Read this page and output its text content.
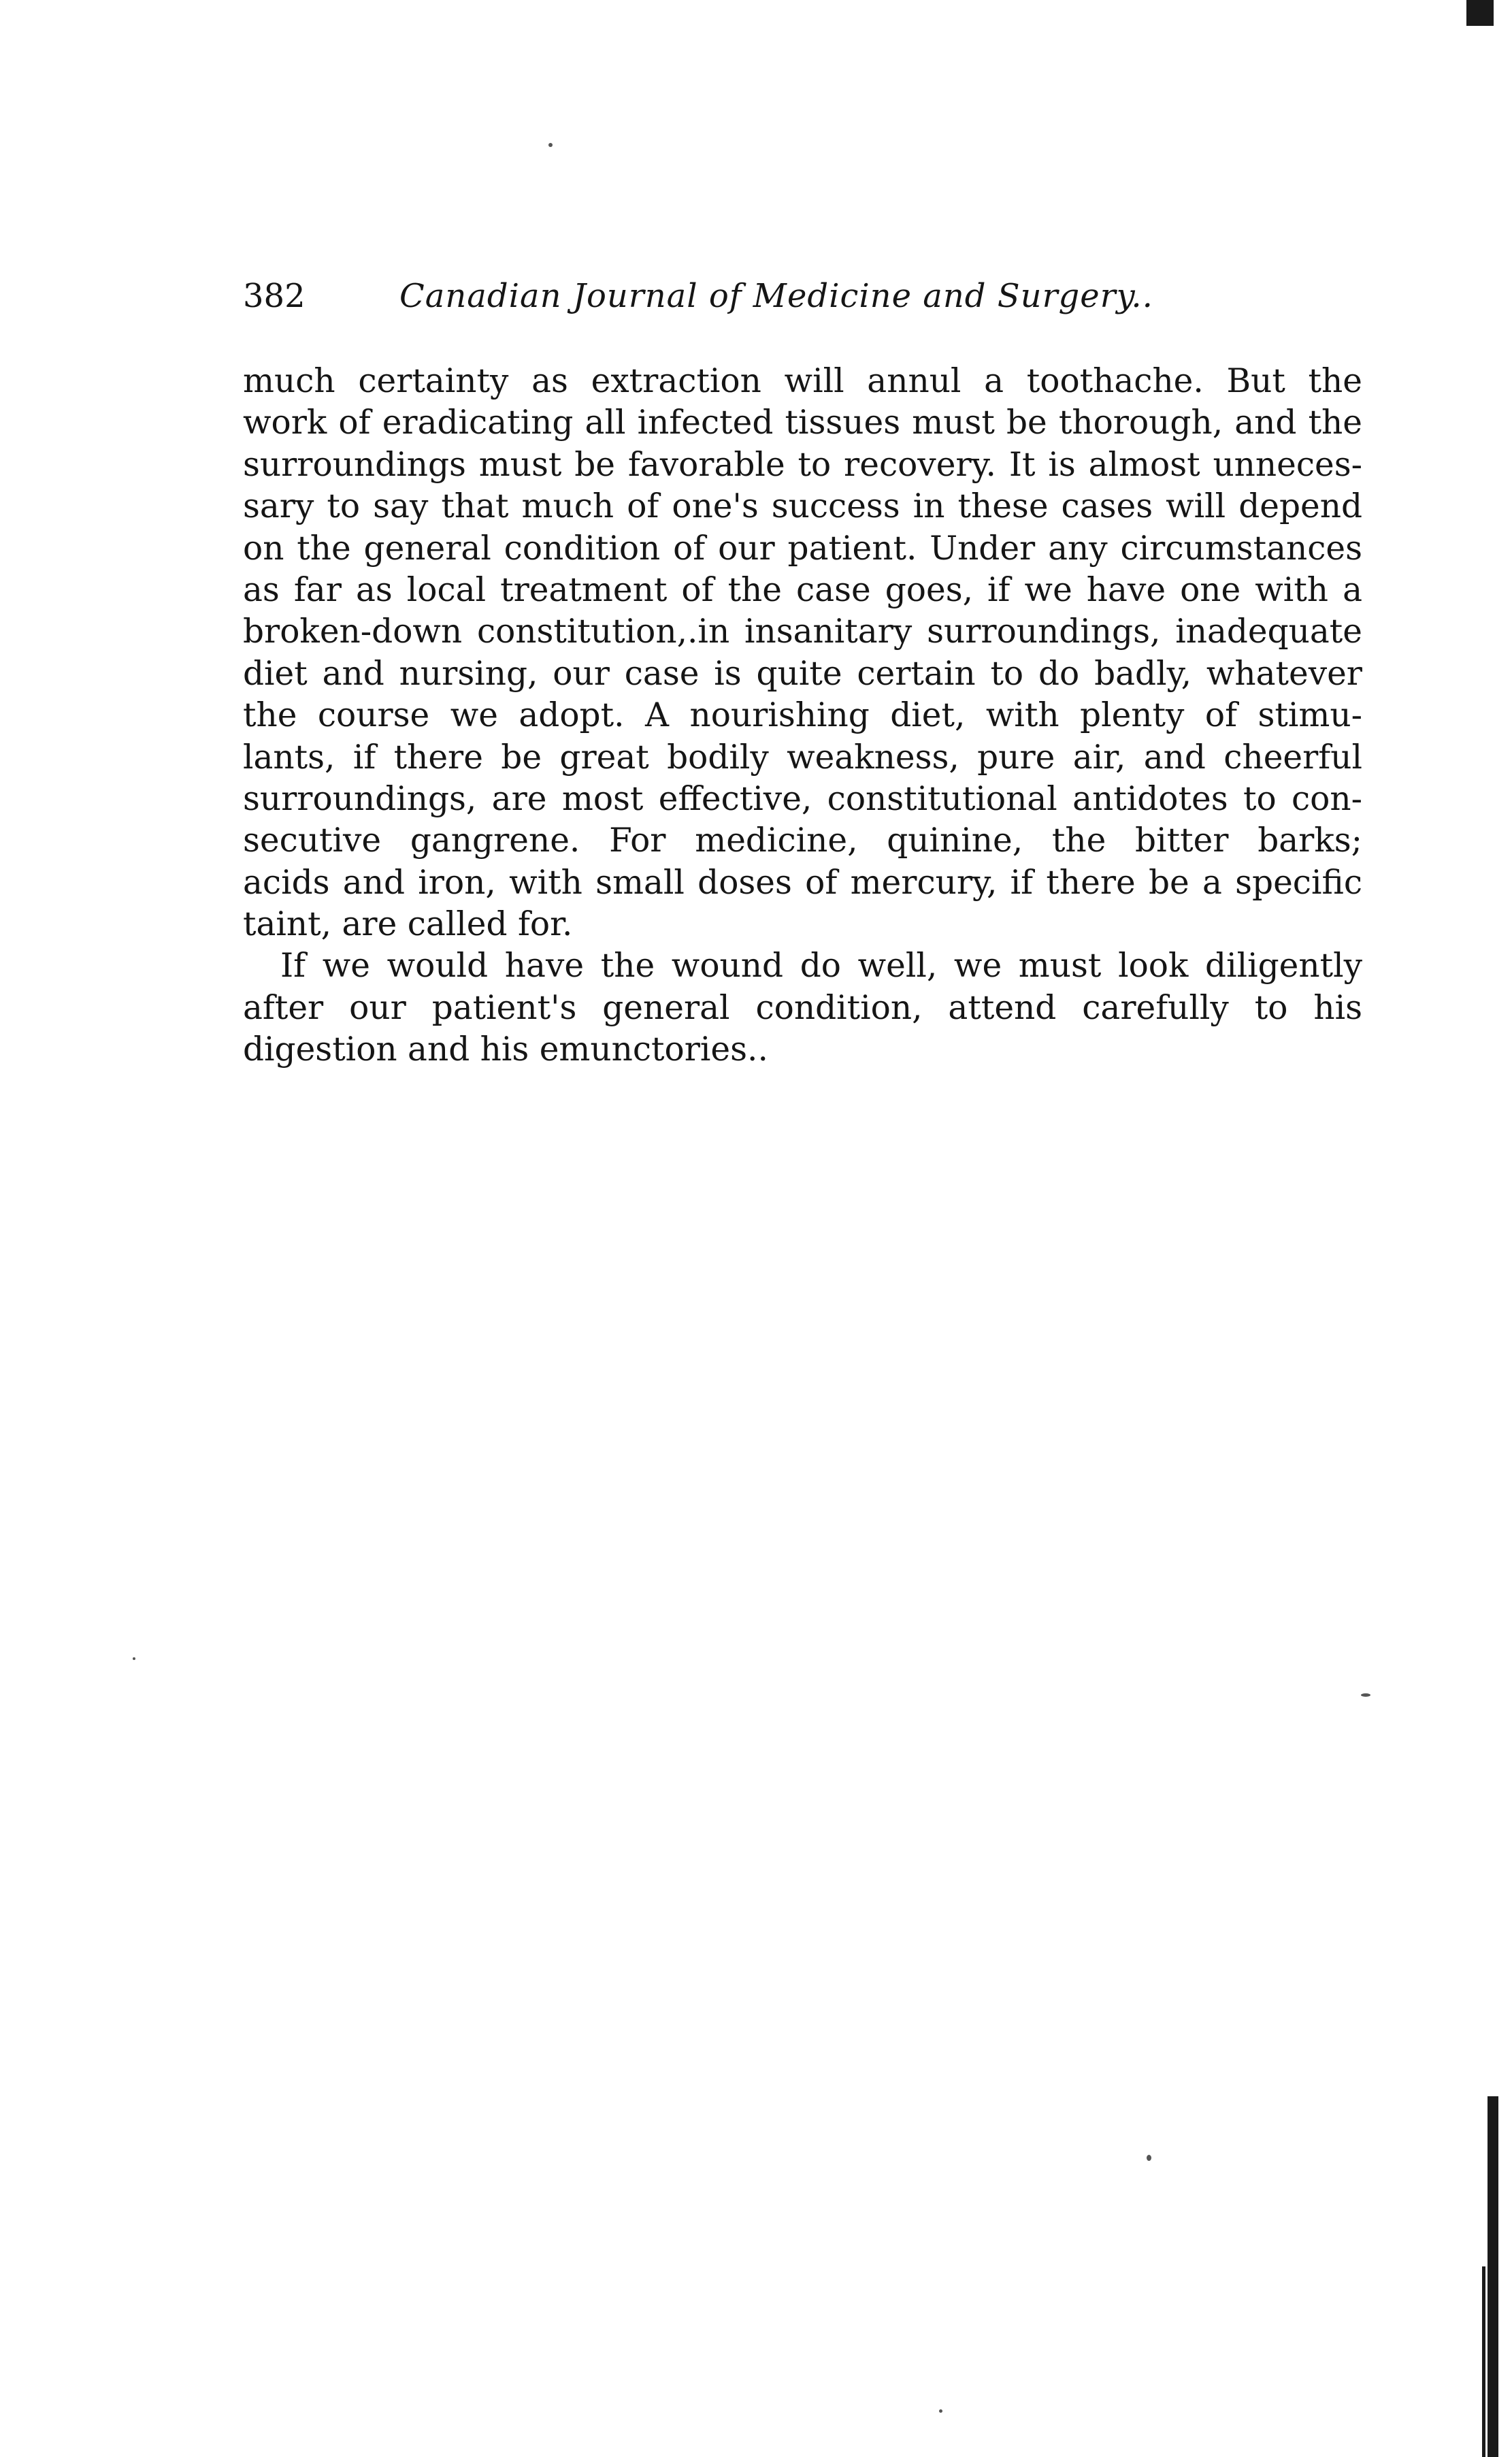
382	Canadian Journal of Medicine and Surgery..
much certainty as extraction will annul a toothache. But the
work of eradicating all infected tissues must be thorough, and the
surroundings must be favorable to recovery. It is almost unneces-
sary to say that much of one's success in these cases will depend
on the general condition of our patient. Under any circumstances
as far as local treatment of the case goes, if we have one with a
broken-down constitution,.in insanitary surroundings, inadequate
diet and nursing, our case is quite certain to do badly, whatever
the course we adopt. A nourishing diet, with plenty of stimu-
lants, if there be great bodily weakness, pure air, and cheerful
surroundings, are most effective, constitutional antidotes to con-
secutive gangrene. For medicine, quinine, the bitter barks;
acids and iron, with small doses of mercury, if there be a specific
taint, are called for.
If we would have the wound do well, we must look diligently
after our patient's general condition, attend carefully to his
digestion and his emunctories..
